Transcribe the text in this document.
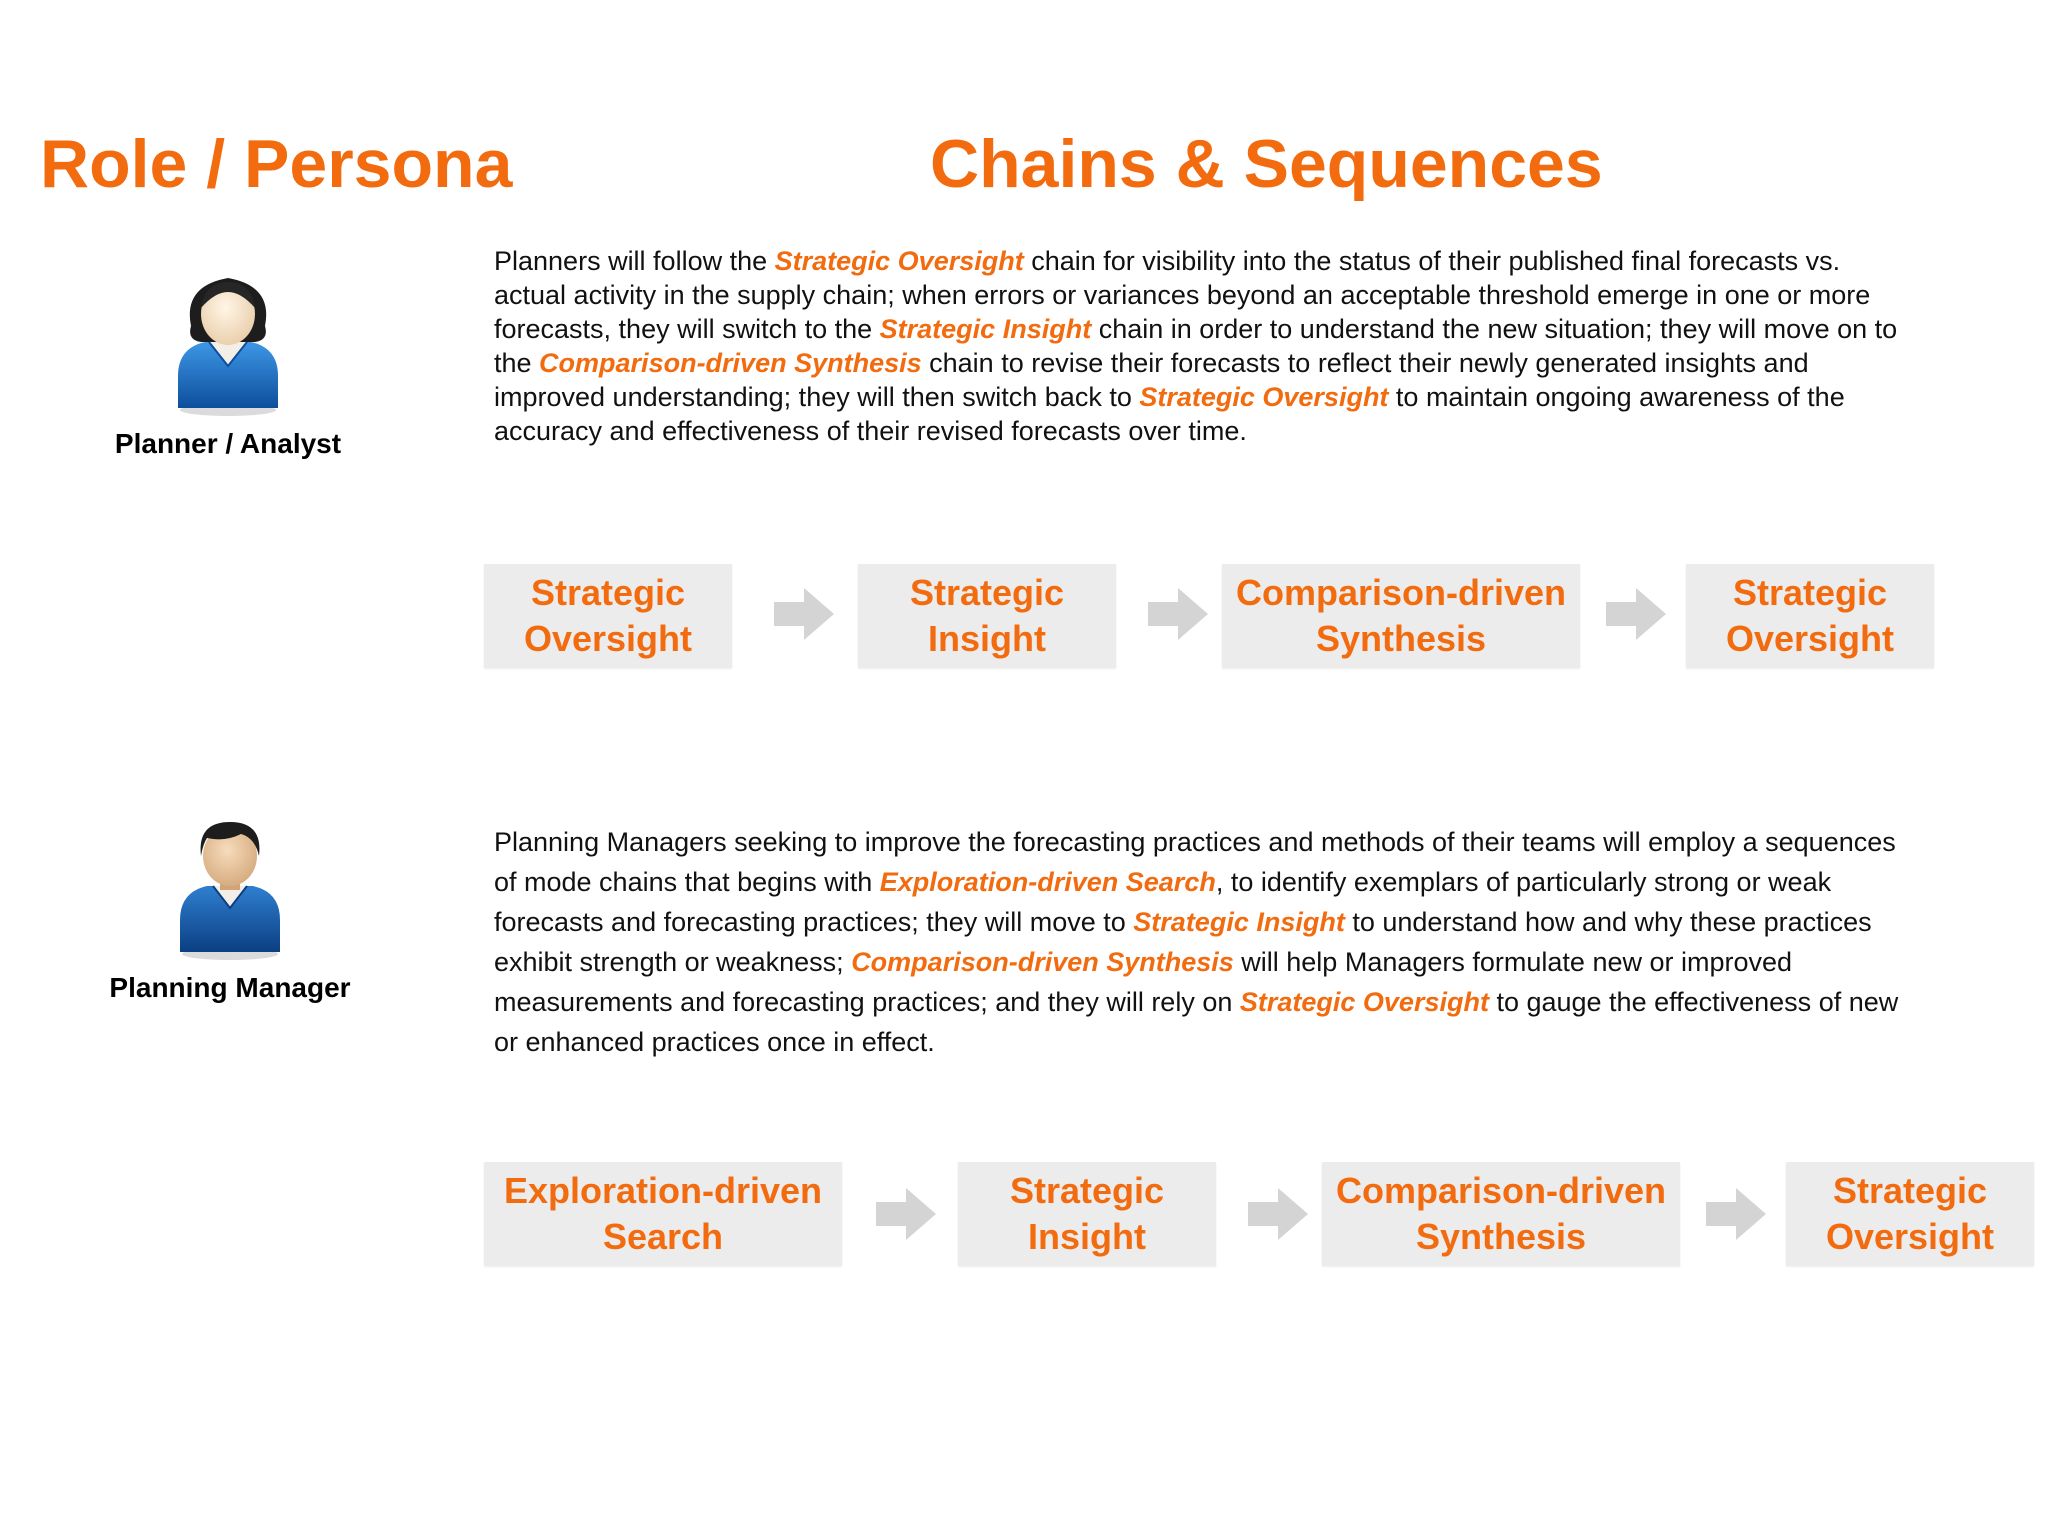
Role / Persona	Chains & Sequences
Planner / Analyst

Planners will follow the Strategic Oversight chain for visibility into the status of their published final forecasts vs. actual activity in the supply chain; when errors or variances beyond an acceptable threshold emerge in one or more forecasts, they will switch to the Strategic Insight chain in order to understand the new situation; they will move on to the Comparison-driven Synthesis chain to revise their forecasts to reflect their newly generated insights and improved understanding; they will then switch back to Strategic Oversight to maintain ongoing awareness of the accuracy and effectiveness of their revised forecasts over time.

Strategic
Oversight
Strategic
Insight
Comparison-driven
Synthesis
Strategic
Oversight
Planning Manager

Planning Managers seeking to improve the forecasting practices and methods of their teams will employ a sequences of mode chains that begins with Exploration-driven Search, to identify exemplars of particularly strong or weak forecasts and forecasting practices; they will move to Strategic Insight to understand how and why these practices exhibit strength or weakness; Comparison-driven Synthesis will help Managers formulate new or improved measurements and forecasting practices; and they will rely on Strategic Oversight to gauge the effectiveness of new or enhanced practices once in effect.

Exploration-driven
Search
Strategic
Insight
Comparison-driven
Synthesis
Strategic
Oversight
